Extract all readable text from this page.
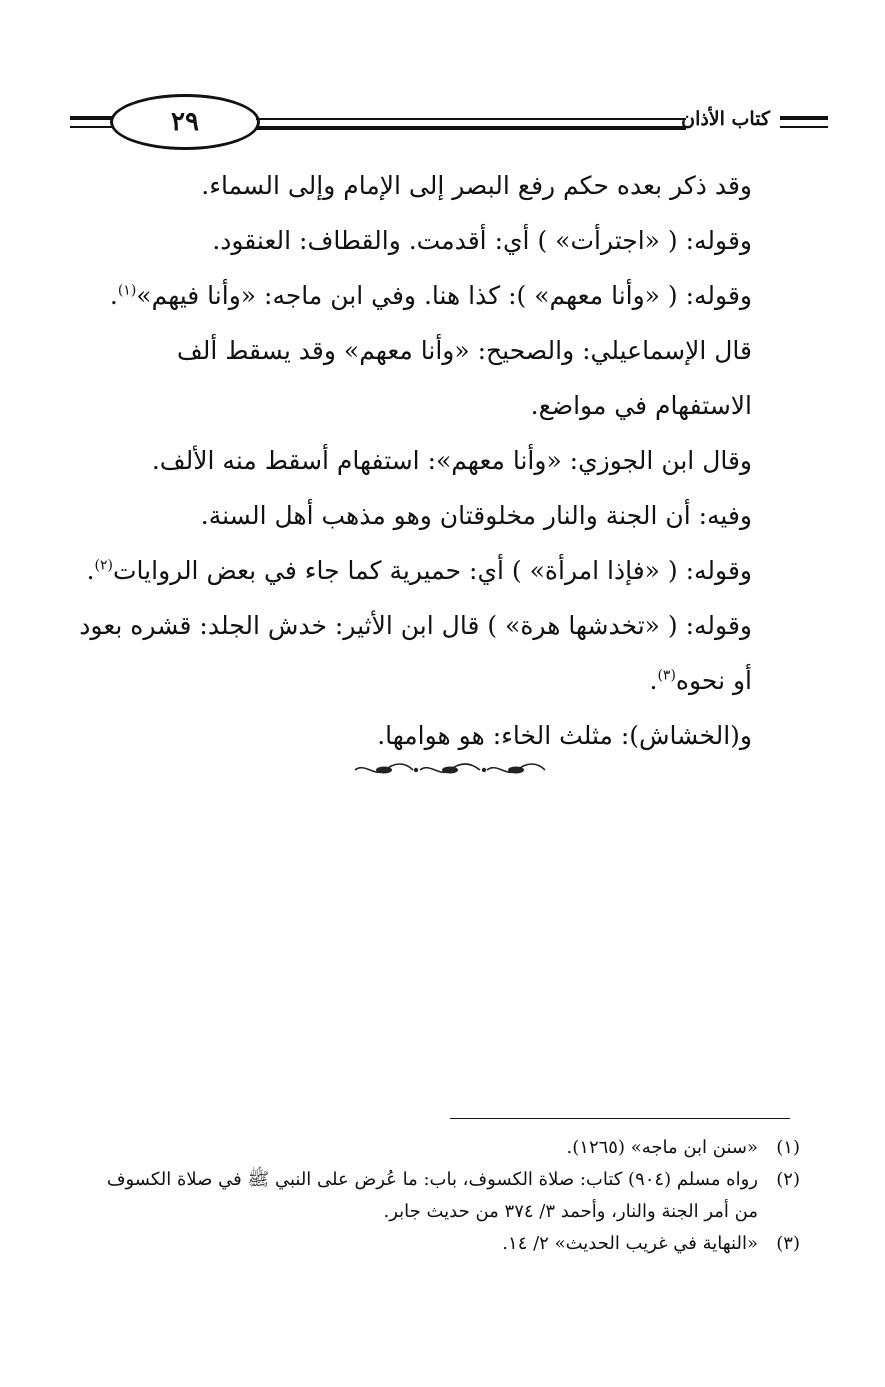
٢٩	كتاب الأذان

وقد ذكر بعده حكم رفع البصر إلى الإمام وإلى السماء.

وقوله: ( «اجترأت» ) أي: أقدمت. والقطاف: العنقود.

وقوله: ( «وأنا معهم» ): كذا هنا. وفي ابن ماجه: «وأنا فيهم»$^{(١)}$.

قال الإسماعيلي: والصحيح: «وأنا معهم» وقد يسقط ألف الاستفهام في مواضع.

وقال ابن الجوزي: «وأنا معهم»: استفهام أسقط منه الألف.

وفيه: أن الجنة والنار مخلوقتان وهو مذهب أهل السنة.

وقوله: ( «فإذا امرأة» ) أي: حميرية كما جاء في بعض الروايات$^{(٢)}$.

وقوله: ( «تخدشها هرة» ) قال ابن الأثير: خدش الجلد: قشره بعود أو نحوه$^{(٣)}$.

و(الخشاش): مثلث الخاء: هو هوامها.

(١)
«سنن ابن ماجه» (١٢٦٥).
(٢)
رواه مسلم (٩٠٤) كتاب: صلاة الكسوف، باب: ما عُرض على النبي ﷺ في صلاة الكسوف من أمر الجنة والنار، وأحمد ٣/ ٣٧٤ من حديث جابر.
(٣)
«النهاية في غريب الحديث» ٢/ ١٤.
